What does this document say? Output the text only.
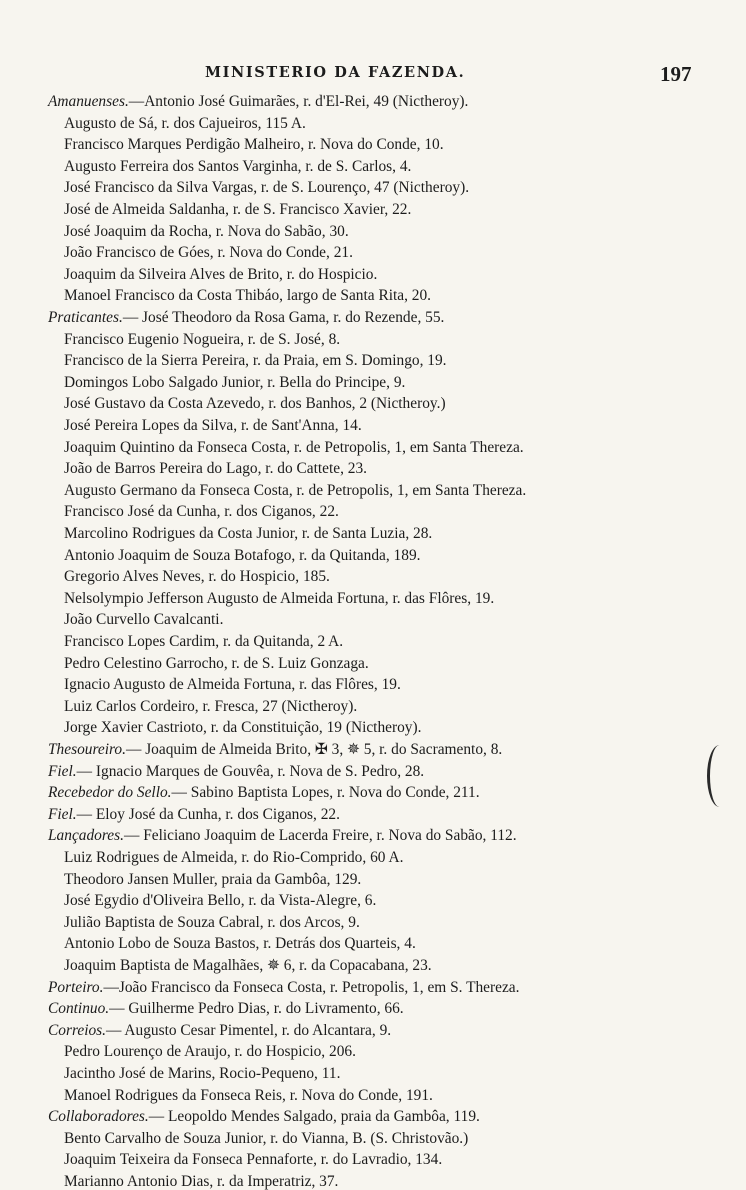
MINISTERIO DA FAZENDA.	197
Amanuenses.—Antonio José Guimarães, r. d'El-Rei, 49 (Nictheroy).
Augusto de Sá, r. dos Cajueiros, 115 A.
Francisco Marques Perdigão Malheiro, r. Nova do Conde, 10.
Augusto Ferreira dos Santos Varginha, r. de S. Carlos, 4.
José Francisco da Silva Vargas, r. de S. Lourenço, 47 (Nictheroy).
José de Almeida Saldanha, r. de S. Francisco Xavier, 22.
José Joaquim da Rocha, r. Nova do Sabão, 30.
João Francisco de Góes, r. Nova do Conde, 21.
Joaquim da Silveira Alves de Brito, r. do Hospicio.
Manoel Francisco da Costa Thibáo, largo de Santa Rita, 20.
Praticantes.— José Theodoro da Rosa Gama, r. do Rezende, 55.
Francisco Eugenio Nogueira, r. de S. José, 8.
Francisco de la Sierra Pereira, r. da Praia, em S. Domingo, 19.
Domingos Lobo Salgado Junior, r. Bella do Principe, 9.
José Gustavo da Costa Azevedo, r. dos Banhos, 2 (Nictheroy.)
José Pereira Lopes da Silva, r. de Sant'Anna, 14.
Joaquim Quintino da Fonseca Costa, r. de Petropolis, 1, em Santa Thereza.
João de Barros Pereira do Lago, r. do Cattete, 23.
Augusto Germano da Fonseca Costa, r. de Petropolis, 1, em Santa Thereza.
Francisco José da Cunha, r. dos Ciganos, 22.
Marcolino Rodrigues da Costa Junior, r. de Santa Luzia, 28.
Antonio Joaquim de Souza Botafogo, r. da Quitanda, 189.
Gregorio Alves Neves, r. do Hospicio, 185.
Nelsolympio Jefferson Augusto de Almeida Fortuna, r. das Flôres, 19.
João Curvello Cavalcanti.
Francisco Lopes Cardim, r. da Quitanda, 2 A.
Pedro Celestino Garrocho, r. de S. Luiz Gonzaga.
Ignacio Augusto de Almeida Fortuna, r. das Flôres, 19.
Luiz Carlos Cordeiro, r. Fresca, 27 (Nictheroy).
Jorge Xavier Castrioto, r. da Constituição, 19 (Nictheroy).
Thesoureiro.— Joaquim de Almeida Brito, ✠ 3, ✵ 5, r. do Sacramento, 8.
Fiel.— Ignacio Marques de Gouvêa, r. Nova de S. Pedro, 28.
Recebedor do Sello.— Sabino Baptista Lopes, r. Nova do Conde, 211.
Fiel.— Eloy José da Cunha, r. dos Ciganos, 22.
Lançadores.— Feliciano Joaquim de Lacerda Freire, r. Nova do Sabão, 112.
Luiz Rodrigues de Almeida, r. do Rio-Comprido, 60 A.
Theodoro Jansen Muller, praia da Gambôa, 129.
José Egydio d'Oliveira Bello, r. da Vista-Alegre, 6.
Julião Baptista de Souza Cabral, r. dos Arcos, 9.
Antonio Lobo de Souza Bastos, r. Detrás dos Quarteis, 4.
Joaquim Baptista de Magalhães, ✵ 6, r. da Copacabana, 23.
Porteiro.—João Francisco da Fonseca Costa, r. Petropolis, 1, em S. Thereza.
Continuo.— Guilherme Pedro Dias, r. do Livramento, 66.
Correios.— Augusto Cesar Pimentel, r. do Alcantara, 9.
Pedro Lourenço de Araujo, r. do Hospicio, 206.
Jacintho José de Marins, Rocio-Pequeno, 11.
Manoel Rodrigues da Fonseca Reis, r. Nova do Conde, 191.
Collaboradores.— Leopoldo Mendes Salgado, praia da Gambôa, 119.
Bento Carvalho de Souza Junior, r. do Vianna, B. (S. Christovão.)
Joaquim Teixeira da Fonseca Pennaforte, r. do Lavradio, 134.
Marianno Antonio Dias, r. da Imperatriz, 37.
